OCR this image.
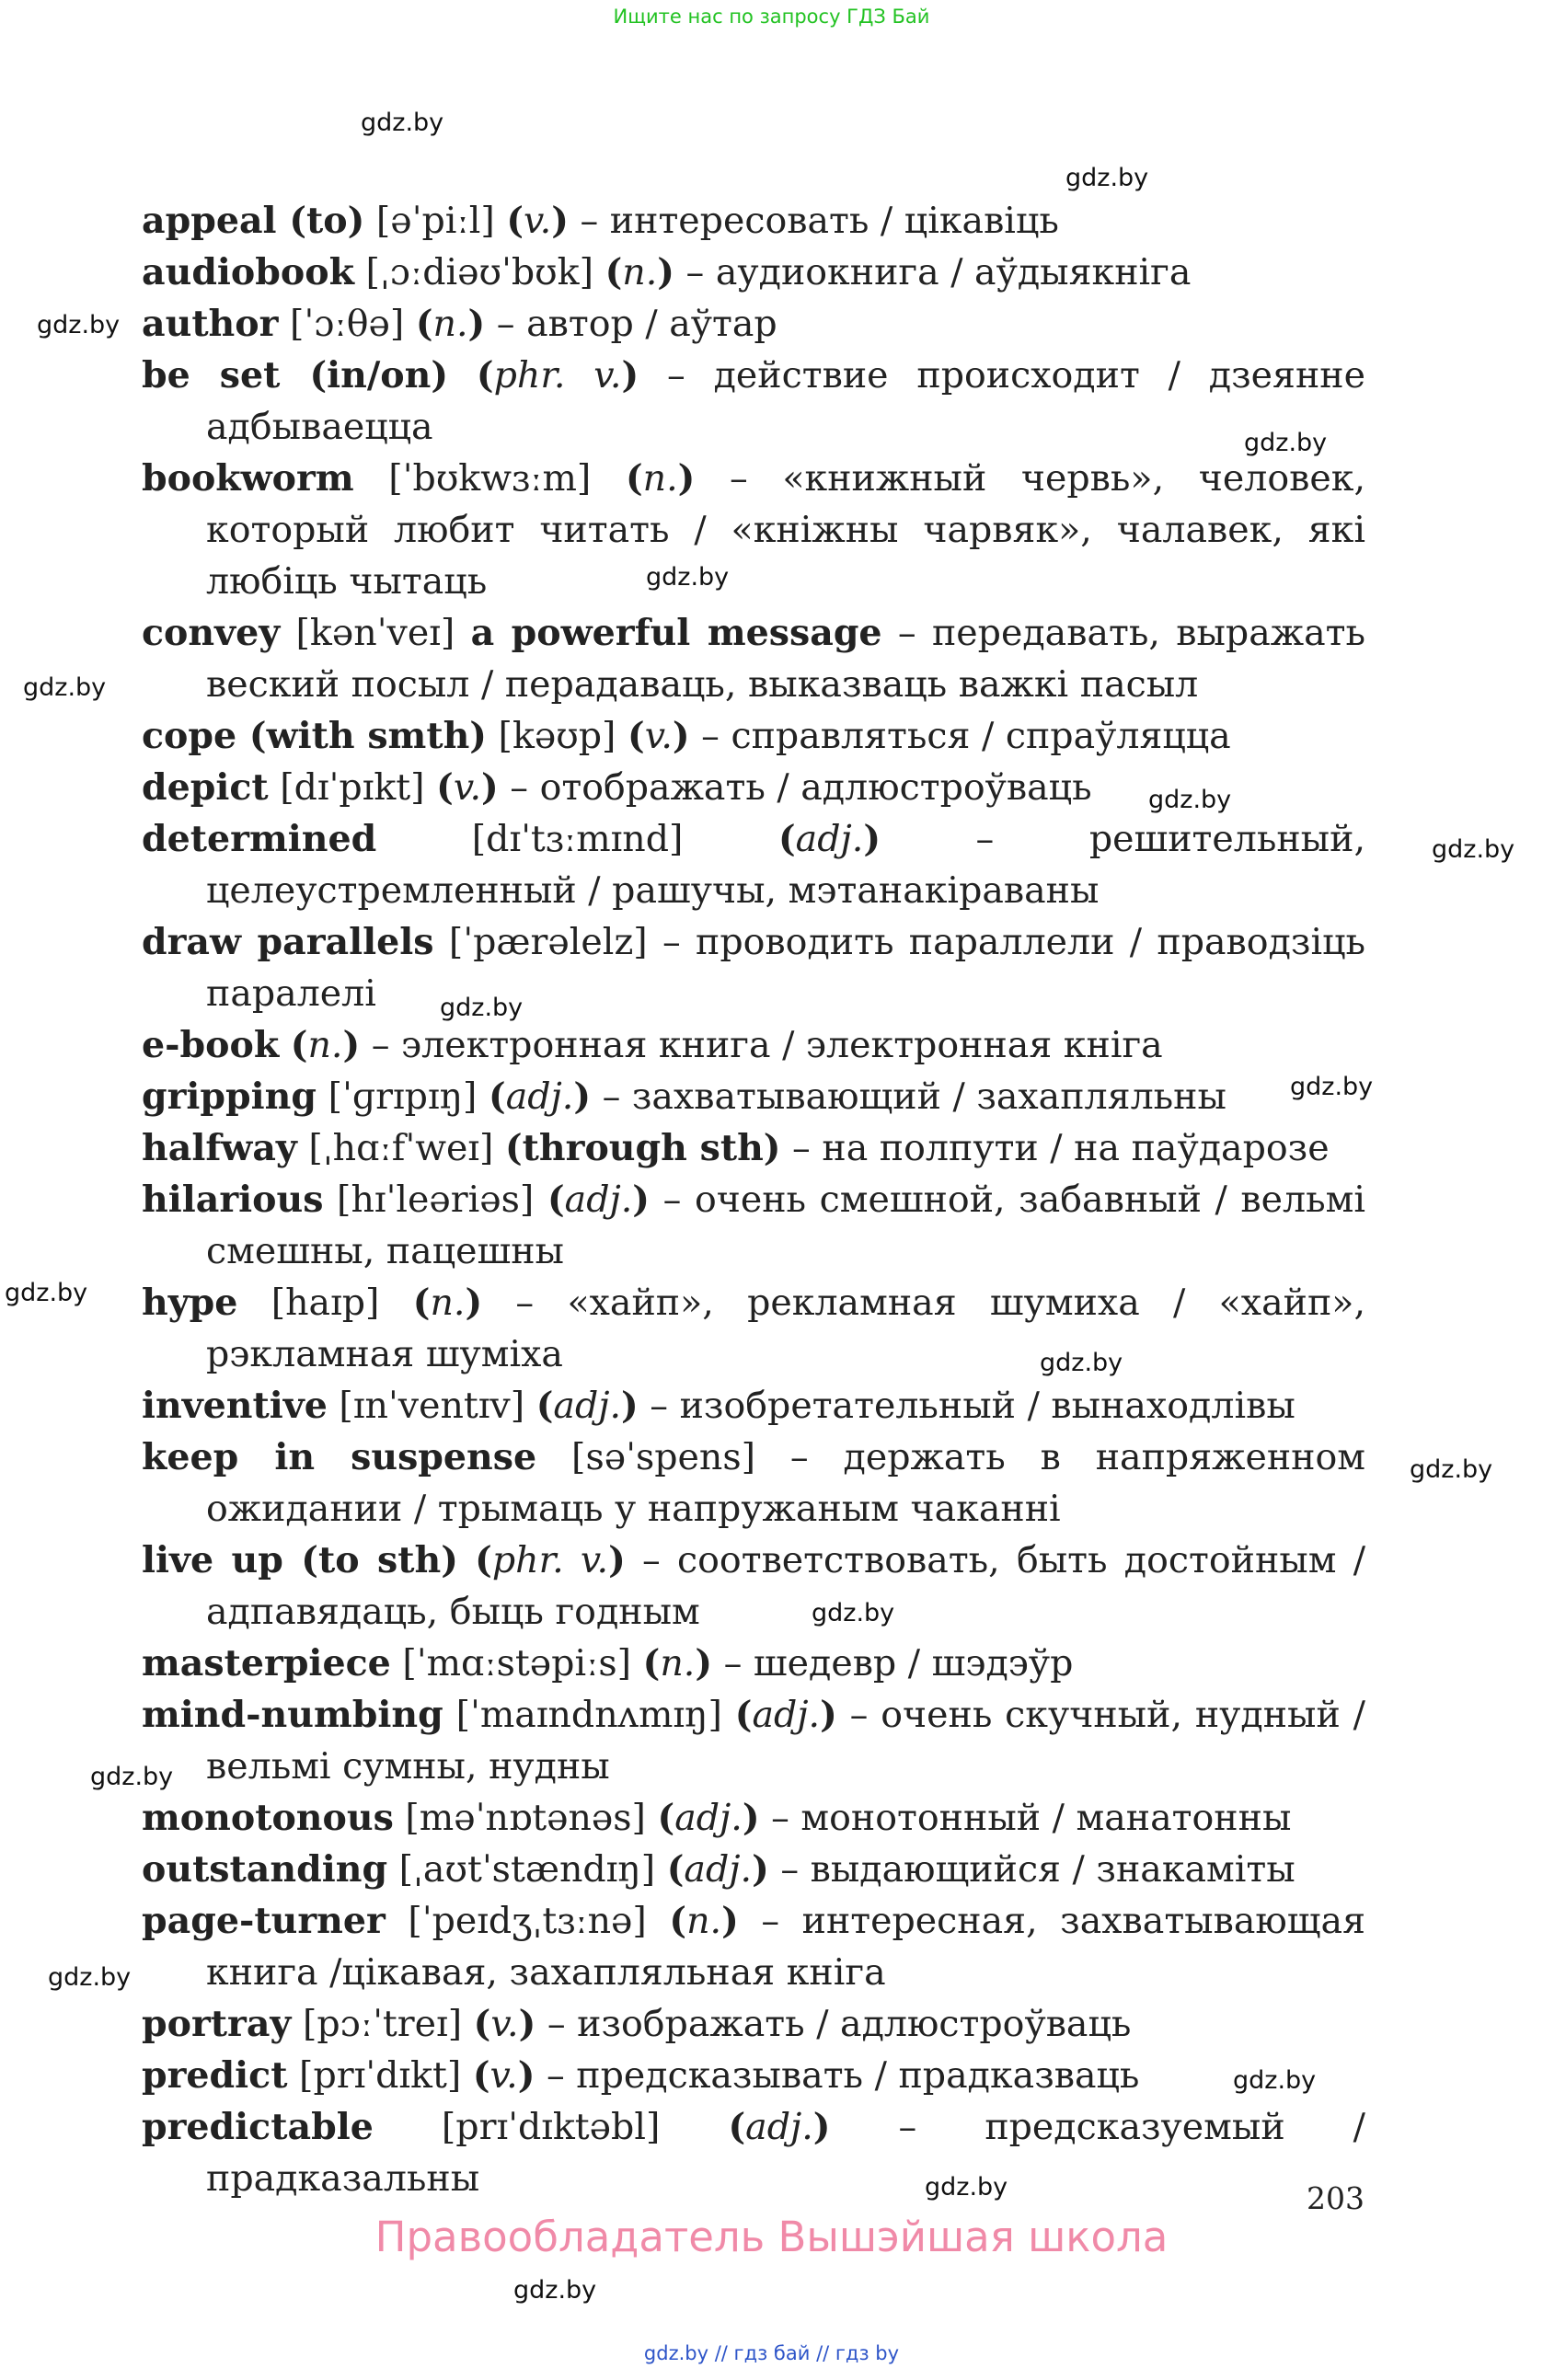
Ищите нас по запросу ГДЗ Бай
gdz.by
gdz.by
gdz.by
gdz.by
gdz.by
gdz.by
gdz.by
gdz.by
gdz.by
gdz.by
gdz.by
gdz.by
gdz.by
gdz.by
gdz.by
gdz.by
gdz.by
gdz.by
gdz.by
appeal (to) [əˈpiːl] (v.) – интересовать / цікавіць
audiobook [ˌɔːdiəʊˈbʊk] (n.) – аудиокнига / аўдыякніга
author [ˈɔːθə] (n.) – автор / аўтар
be set (in/on) (phr. v.) – действие происходит / дзеянне адбываецца
bookworm [ˈbʊkwɜːm] (n.) – «книжный червь», человек, который любит читать / «кніжны чарвяк», чалавек, які любіць чытаць
convey [kənˈveɪ] a powerful message – передавать, выражать веский посыл / перадаваць, выказваць важкі пасыл
cope (with smth) [kəʊp] (v.) – справляться / спраўляцца
depict [dɪˈpɪkt] (v.) – отображать / адлюстроўваць
determined [dɪˈtɜːmɪnd] (adj.) – решительный, целеустремленный / рашучы, мэтанакіраваны
draw parallels [ˈpærəlelz] – проводить параллели / праводзіць паралелі
e-book (n.) – электронная книга / электронная кніга
gripping [ˈɡrɪpɪŋ] (adj.) – захватывающий / захапляльны
halfway [ˌhɑːfˈweɪ] (through sth) – на полпути / на паўдарозе
hilarious [hɪˈleəriəs] (adj.) – очень смешной, забавный / вельмі смешны, пацешны
hype [haɪp] (n.) – «хайп», рекламная шумиха / «хайп», рэкламная шуміха
inventive [ɪnˈventɪv] (adj.) – изобретательный / вынаходлівы
keep in suspense [səˈspens] – держать в напряженном ожидании / трымаць у напружаным чаканні
live up (to sth) (phr. v.) – соответствовать, быть достойным / адпавядаць, быць годным
masterpiece [ˈmɑːstəpiːs] (n.) – шедевр / шэдэўр
mind-numbing [ˈmaɪndnʌmɪŋ] (adj.) – очень скучный, нудный / вельмі сумны, нудны
monotonous [məˈnɒtənəs] (adj.) – монотонный / манатонны
outstanding [ˌaʊtˈstændɪŋ] (adj.) – выдающийся / знакаміты
page-turner [ˈpeɪdʒˌtɜːnə] (n.) – интересная, захватывающая книга /цікавая, захапляльная кніга
portray [pɔːˈtreɪ] (v.) – изображать / адлюстроўваць
predict [prɪˈdɪkt] (v.) – предсказывать / прадказваць
predictable [prɪˈdɪktəbl] (adj.) – предсказуемый / прадказальны	203
Правообладатель Вышэйшая школа
gdz.by // гдз бай // гдз by
